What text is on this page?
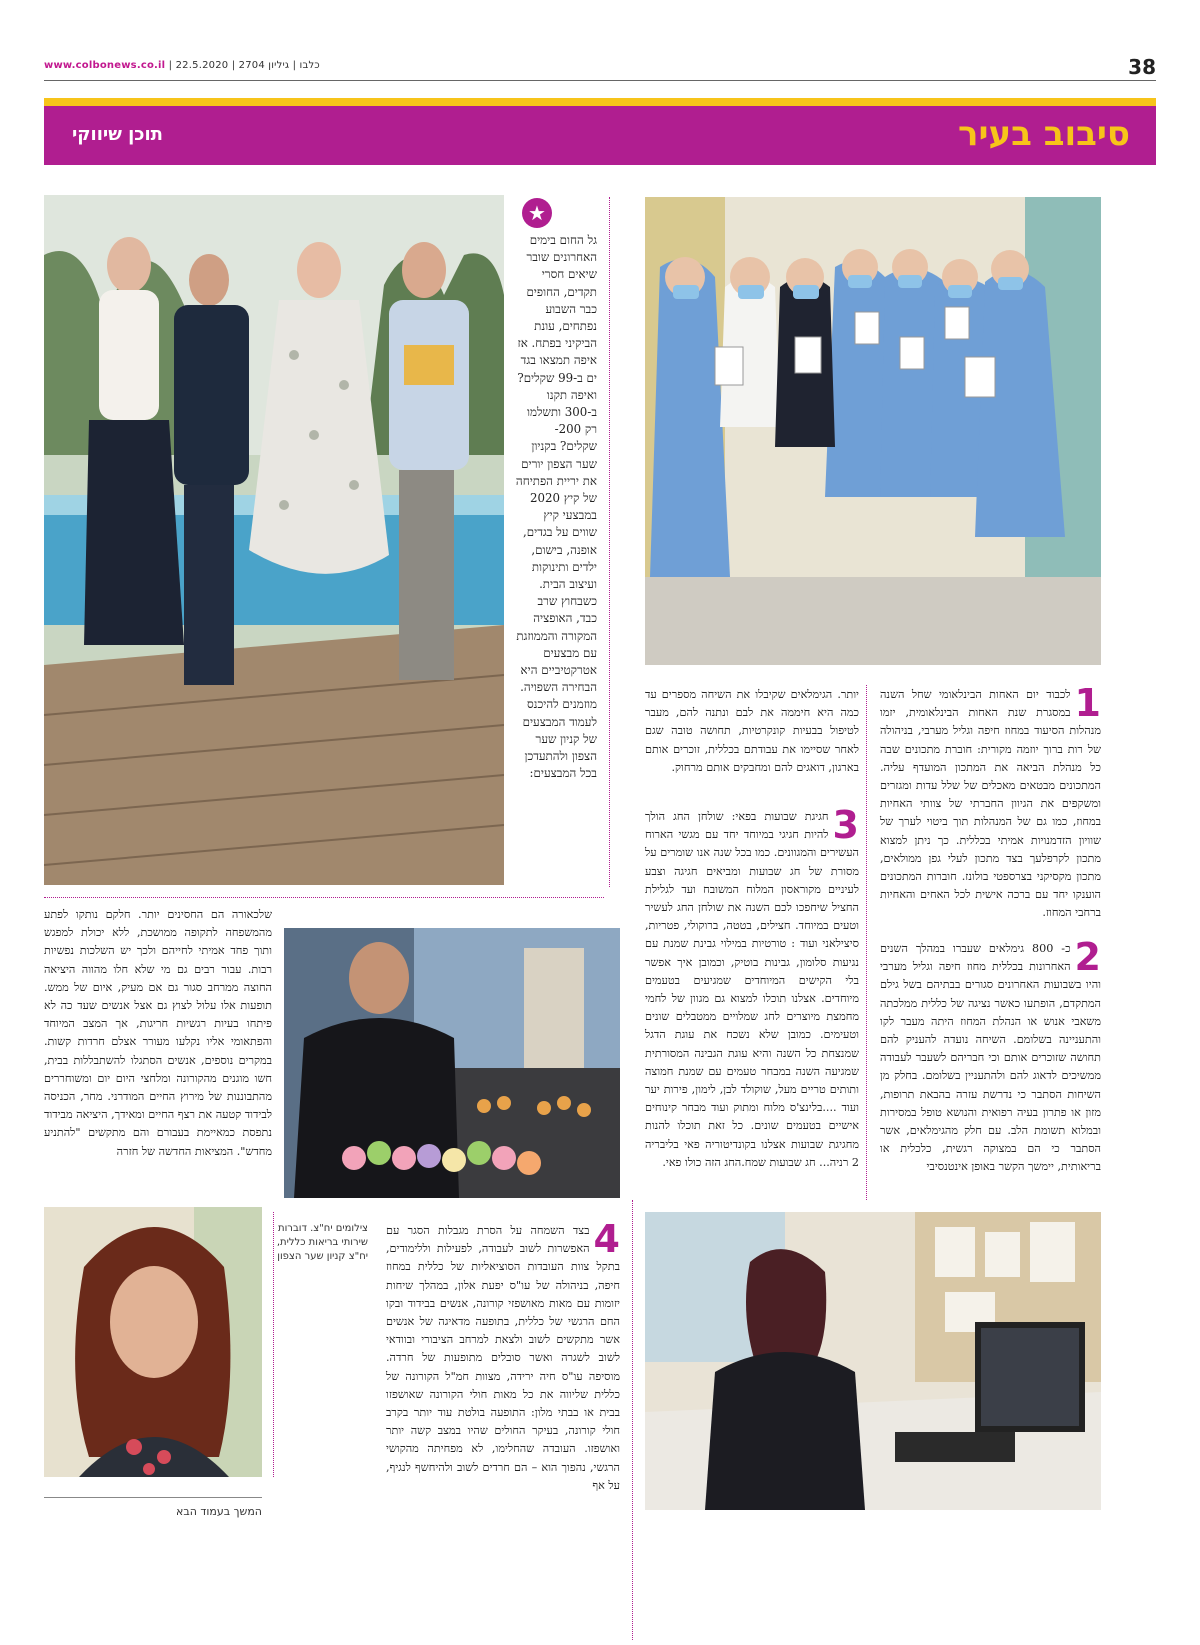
www.colbonews.co.il | כלבו | גיליון 2704 | 22.5.2020	38
סיבוב בעיר
תוכן שיווקי
★
גל החום בימים האחרונים שובר שיאים חסרי תקדים, החופים כבר השבוע נפתחים, עונת הביקיני בפתח. אז איפה תמצאו בגד ים ב-99 שקלים? ואיפה תקנו ב-300 ותשלמו רק 200- שקלים? בקניון שער הצפון יורים את יריית הפתיחה של קיץ 2020 במבצעי קיץ שווים על בגדים, אופנה, בישום, ילדים ותינוקות ועיצוב הבית. כשבחוץ שרב כבד, האופציה המקורה והממוזגת עם מבצעים אטרקטיביים היא הבחירה השפויה. מוזמנים להיכנס לעמוד המבצעים של קניון שער הצפון ולהתעדכן בכל המבצעים:
1
לכבוד יום האחות הבינלאומי שחל השנה במסגרת שנת האחות הבינלאומית, יזמו מנהלות הסיעוד במחוז חיפה וגליל מערבי, בניהולה של רות ברוך יוזמה מקורית: חוברת מתכונים שבה כל מנהלת הביאה את המתכון המועדף עליה. המתכונים מבטאים מאכלים של שלל עדות ומגזרים ומשקפים את הגיוון החברתי של צוותי האחיות במחוז, כמו גם של המנהלות תוך ביטוי לערך של שוויון הזדמנויות אמיתי בכללית. כך ניתן למצוא מתכון לקרפלעך בצד מתכון לעלי גפן ממולאים, מתכון מקסיקני בצרספטי בולונז. חוברות המתכונים הוענקו יחד עם ברכה אישית לכל האחים והאחיות ברחבי המחוז.
יותר. הגימלאים שקיבלו את השיחה מספרים עד כמה היא חיממה את לבם ונתנה להם, מעבר לטיפול בבעיות קונקרטיות, תחושה טובה שגם לאחר שסיימו את עבודתם בכללית, זוכרים אותם בארגון, דואגים להם ומחבקים אותם מרחוק.
3
חגיגת שבועות בפאי: שולחן החג הולך להיות חגיגי במיוחד יחד עם מגשי הארוח העשירים והמגוונים. כמו בכל שנה אנו שומרים על מסורת של חג שבועות ומביאים חגיגה וצבע לעיניים מקוראסון המלוח המשובח ועד לגלילת החציל שיחפכו לכם השנה את שולחן החג לעשיר וטעים במיוחד. חצילים, בטטה, ברוקולי, פטריות, סיצילאני ועוד : טורטיות במילוי גבינת שמנת עם נגיעות סלומון, גבינות בוטיק, וכמובן איך אפשר בלי הקישים המיוחדים שמגיעים בטעמים מיוחדים. אצלנו תוכלו למצוא גם מגוון של לחמי מחמצת מיוצרים לחג שמלויים ממטבלים שונים וטעימים. כמובן שלא נשכח את עוגת הדגל שמנצחת כל השנה והיא עוגת הגבינה המסורתית שמגיעה השנה במבחר טעמים עם שמנת חמוצה ותותים טריים מעל, שוקולד לבן, לימון, פירות יער ועוד ....בלינצ'ס מלוח ומתוק ועוד מבחר קינוחים אישיים בטעמים שונים. כל זאת תוכלו להנות מחגיגת שבועות אצלנו בקונדיטוריה פאי בליבריה 2 רניה... חג שבועות שמח.החג הזה כולו פאי.
2
כ- 800 גימלאים שעברו במהלך השנים האחרונות בכללית מחוז חיפה וגליל מערבי והיו בשבועות האחרונים סגורים בבתיהם בשל גילם המתקדם, הופתעו כאשר נציגה של כללית ממלכתה משאבי אנוש או הנהלת המחוז היתה מעבר לקו והתעניינה בשלומם. השיחה נועדה להעניק להם תחושה שזוכרים אותם וכי חבריהם לשעבר לעבודה ממשיכים לדאוג להם ולהתעניין בשלומם. בחלק מן השיחות הסתבר כי נדרשת עזרה בהבאת תרופות, מזון או פתרון בעיה רפואית והנושא טופל במסירות ובמלוא תשומת הלב. עם חלק מהגימלאים, אשר הסתבר כי הם במצוקה רגשית, כלכלית או בריאותית, יימשך הקשר באופן אינטנסיבי
שלכאורה הם החסינים יותר. חלקם נותקו לפתע מהמשפחה לתקופה ממושכת, ללא יכולת למפגש ותוך פחד אמיתי לחייהם ולכך יש השלכות נפשיות רבות. עבור רבים גם מי שלא חלו מהווה היציאה החוצה ממרחב סגור גם אם מעיק, איום של ממש. תופעות אלו עלול לצוץ גם אצל אנשים שעד כה לא פיתחו בעיות רגשיות חריגות, אך המצב המיוחד והפתאומי אליו נקלעו מעורר אצלם חרדות קשות. במקרים נוספים, אנשים הסתגלו להשתבללות בבית, חשו מוגנים מהקורונה ומלחצי היום יום ומשוחררים מהתבוננות של מירוץ החיים המודרני. מחר, הכניסה לבידוד קטעה את רצף החיים ומאידך, היציאה מבידוד נתפסת כמאיימת בעבורם והם מתקשים "להתניע מחדש". המציאות החדשה של חזרה
צילומים יח"צ. דוברות שירותי בריאות כללית, יח"צ קניון שער הצפון	4
בצד השמחה על הסרת מגבלות הסגר עם האפשרות לשוב לעבודה, לפעילות וללימודים, בתקל צוות העובדות הסוציאליות של כללית במחוז חיפה, בניהולה של עו"ס יפעת אלון, במהלך שיחות יזומות עם מאות מאושפזי קורונה, אנשים בבידוד ובקו החם הרגשי של כללית, בתופעה מדאיגה של אנשים אשר מתקשים לשוב ולצאת למרחב הציבורי ובוודאי לשוב לשגרה ואשר סובלים מתופעות של חרדה. מוסיפה עו"ס חיה ירידה, מצוות חמ"ל הקורונה של כללית שליווה את כל מאות חולי הקורונה שאושפזו בבית או בבתי מלון: התופעה בולטת עוד יותר בקרב חולי קורונה, בעיקר החולים שהיו במצב קשה יותר ואושפזו. העובדה שהחלימו, לא מפחיתה מהקושי הרגשי, נהפוך הוא – הם חרדים לשוב ולהיחשף לנגיף, על אף
המשך בעמוד הבא
